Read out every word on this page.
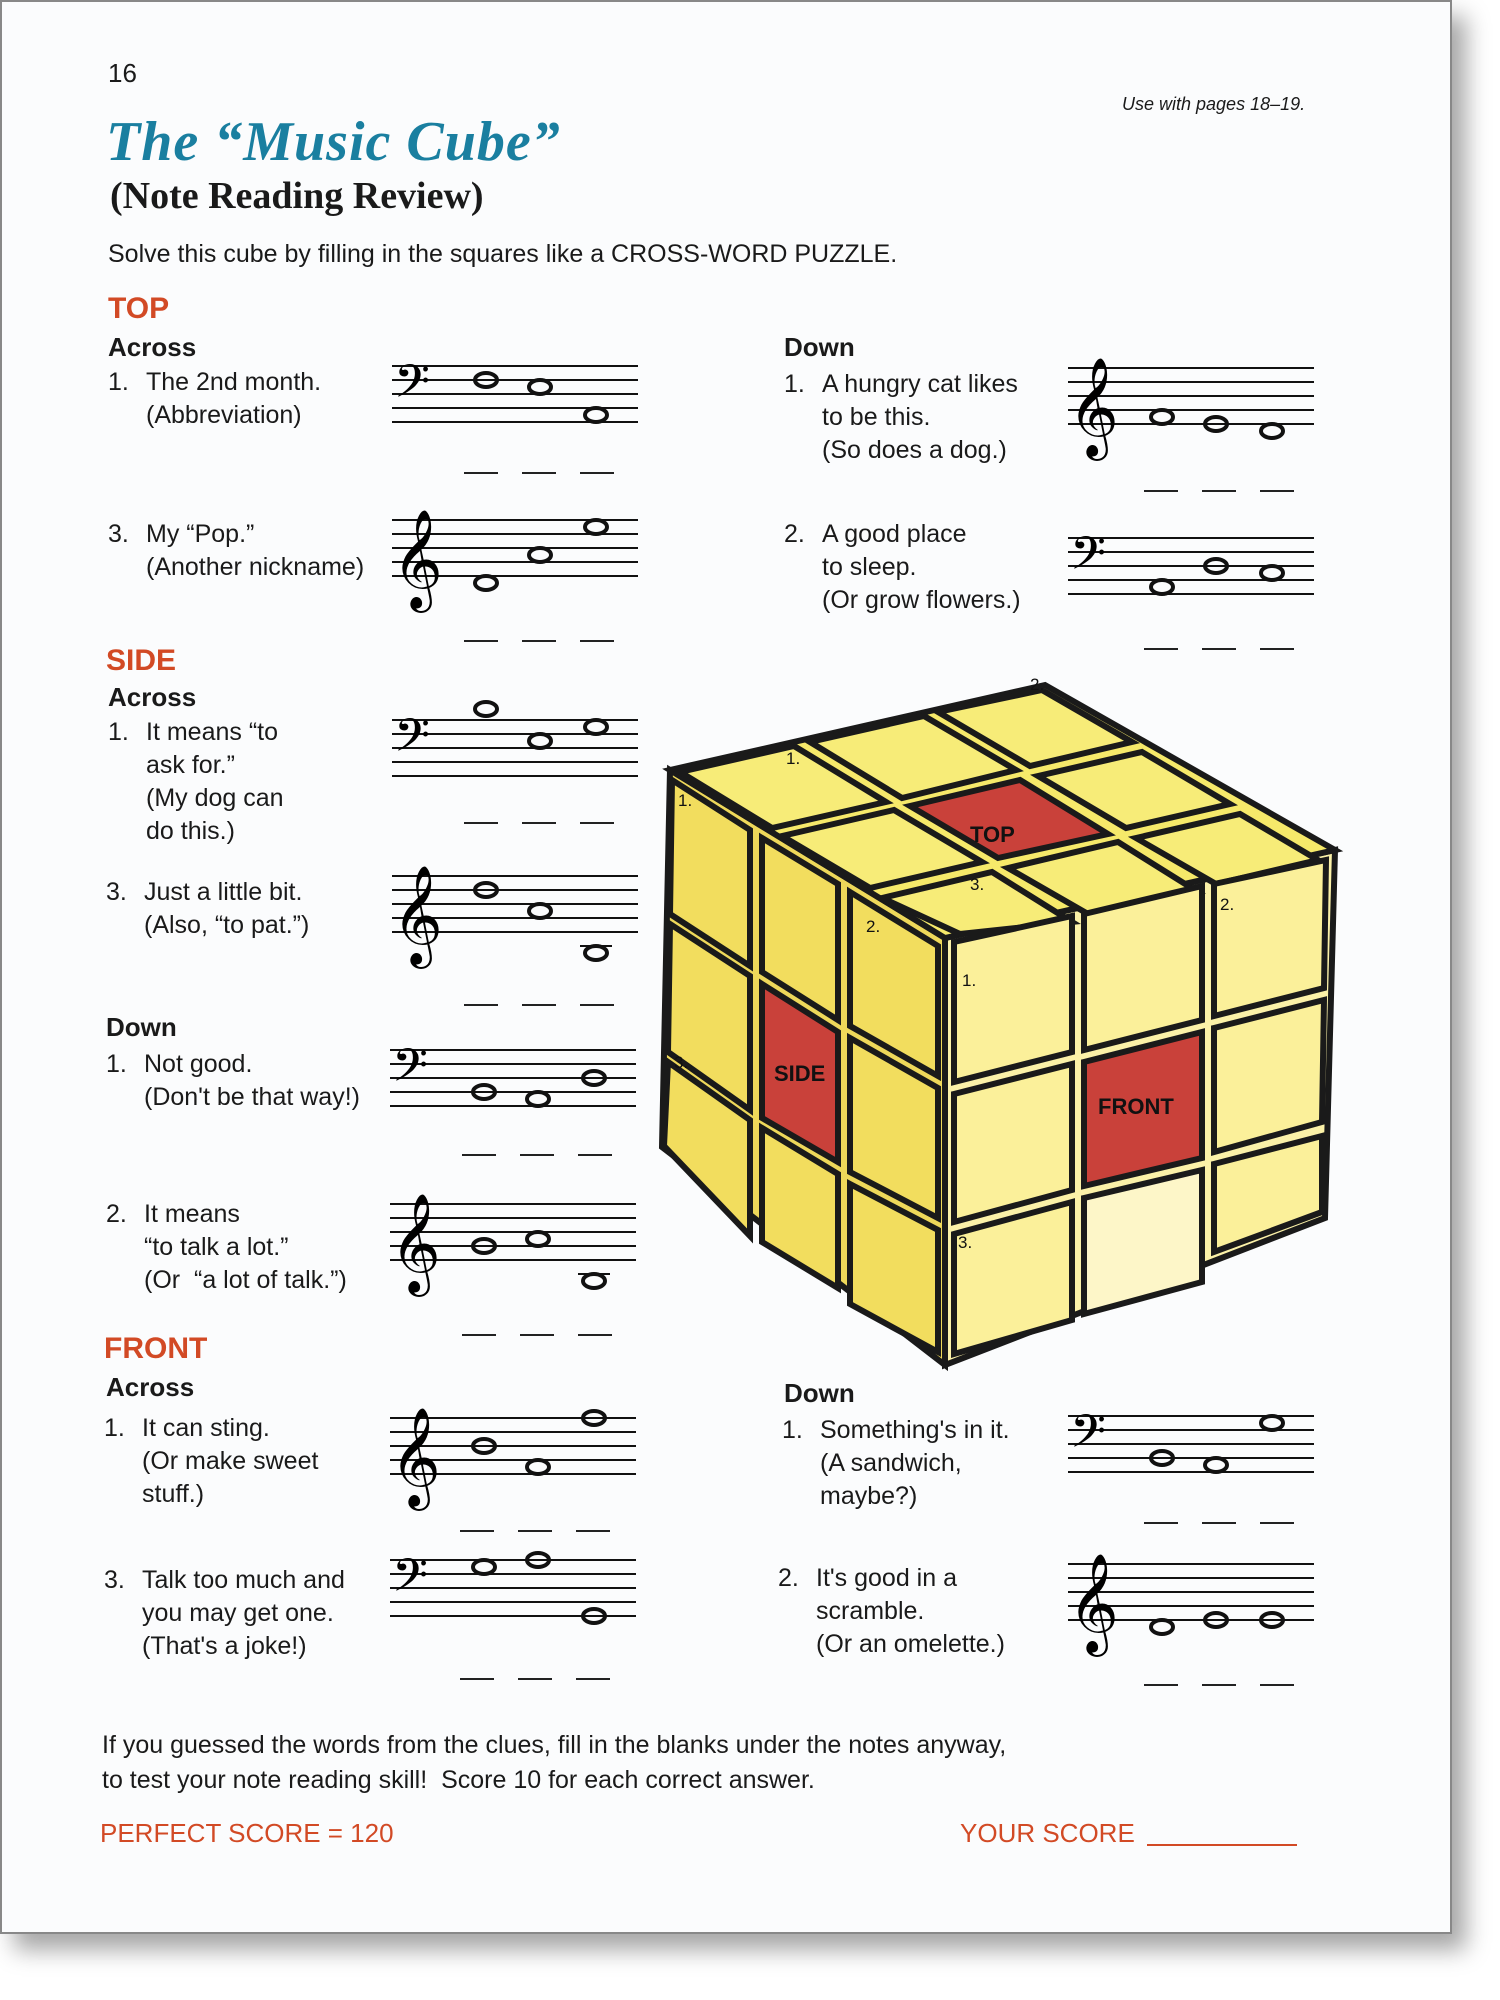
16
Use with pages 18–19.
The “Music Cube”
(Note Reading Review)
Solve this cube by filling in the squares like a CROSS-WORD PUZZLE.
TOP
Across	Down
SIDE
Across
Down
FRONT
Across	Down
1. The 2nd month.
(Abbreviation)
3. My “Pop.”
(Another nickname)
1. A hungry cat likes
to be this.
(So does a dog.)
2. A good place
to sleep.
(Or grow flowers.)
1. It means “to
ask for.”
(My dog can
do this.)
3. Just a little bit.
(Also, “to pat.”)
1. Not good.
(Don't be that way!)
2. It means
“to talk a lot.”
(Or  “a lot of talk.”)
1. It can sting.
(Or make sweet
stuff.)
3. Talk too much and
you may get one.
(That's a joke!)
1. Something's in it.
(A sandwich,
maybe?)
2. It's good in a
scramble.
(Or an omelette.)
𝄢
𝄞
𝄞
𝄢
𝄢
𝄞
𝄢
𝄞
𝄞
𝄢
𝄢
𝄞
TOP
SIDE
FRONT
1.
2.
3.
1.
2.
3.
1.
2.
3.
If you guessed the words from the clues, fill in the blanks under the notes anyway,
to test your note reading skill!  Score 10 for each correct answer.
PERFECT SCORE = 120	YOUR SCORE
